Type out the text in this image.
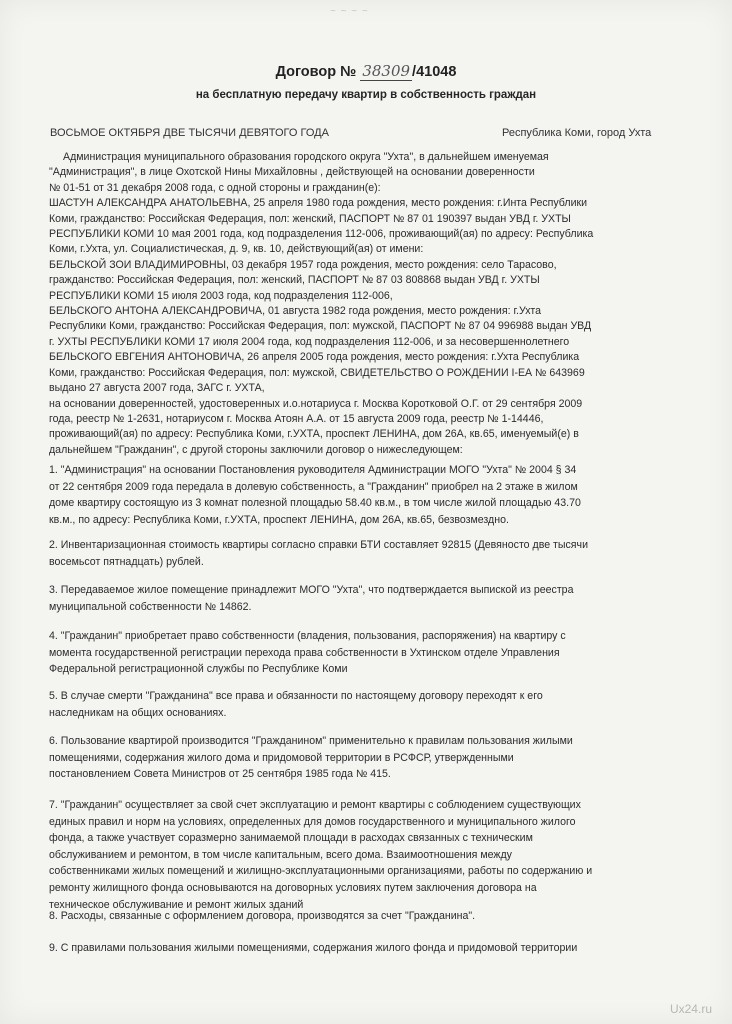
~ ~ ~ ~
Договор № 38309 /41048
на бесплатную передачу квартир в собственность граждан
ВОСЬМОЕ ОКТЯБРЯ ДВЕ ТЫСЯЧИ ДЕВЯТОГО ГОДА	Республика Коми, город Ухта
Администрация муниципального образования городского округа "Ухта", в дальнейшем именуемая
"Администрация", в лице Охотской Нины Михайловны , действующей на основании доверенности
№ 01-51 от 31 декабря 2008 года, с одной стороны и гражданин(е):
ШАСТУН АЛЕКСАНДРА АНАТОЛЬЕВНА, 25 апреля 1980 года рождения, место рождения: г.Инта Республики
Коми, гражданство: Российская Федерация, пол: женский, ПАСПОРТ № 87 01 190397 выдан УВД г. УХТЫ
РЕСПУБЛИКИ КОМИ 10 мая 2001 года, код подразделения 112-006, проживающий(ая) по адресу: Республика
Коми, г.Ухта, ул. Социалистическая, д. 9, кв. 10, действующий(ая) от имени:
БЕЛЬСКОЙ ЗОИ ВЛАДИМИРОВНЫ, 03 декабря 1957 года рождения, место рождения: село Тарасово,
гражданство: Российская Федерация, пол: женский, ПАСПОРТ № 87 03 808868 выдан УВД г. УХТЫ
РЕСПУБЛИКИ КОМИ 15 июля 2003 года, код подразделения 112-006,
БЕЛЬСКОГО АНТОНА АЛЕКСАНДРОВИЧА, 01 августа 1982 года рождения, место рождения: г.Ухта
Республики Коми, гражданство: Российская Федерация, пол: мужской, ПАСПОРТ № 87 04 996988 выдан УВД
г. УХТЫ РЕСПУБЛИКИ КОМИ 17 июля 2004 года, код подразделения 112-006, и за несовершеннолетнего
БЕЛЬСКОГО ЕВГЕНИЯ АНТОНОВИЧА, 26 апреля 2005 года рождения, место рождения: г.Ухта Республика
Коми, гражданство: Российская Федерация, пол: мужской, СВИДЕТЕЛЬСТВО О РОЖДЕНИИ I-ЕА № 643969
выдано 27 августа 2007 года, ЗАГС г. УХТА,
на основании доверенностей, удостоверенных и.о.нотариуса г. Москва Коротковой О.Г. от 29 сентября 2009
года, реестр № 1-2631, нотариусом г. Москва Атоян А.А. от 15 августа 2009 года, реестр № 1-14446,
проживающий(ая) по адресу: Республика Коми, г.УХТА, проспект ЛЕНИНА, дом 26А, кв.65, именуемый(е) в
дальнейшем "Гражданин", с другой стороны заключили договор о нижеследующем:
1. "Администрация" на основании Постановления руководителя Администрации МОГО "Ухта" № 2004 § 34
от 22 сентября 2009 года передала в долевую собственность, а "Гражданин" приобрел на 2 этаже в жилом
доме квартиру состоящую из 3 комнат полезной площадью 58.40 кв.м., в том числе жилой площадью 43.70
кв.м., по адресу: Республика Коми, г.УХТА, проспект ЛЕНИНА, дом 26А, кв.65, безвозмездно.
2. Инвентаризационная стоимость квартиры согласно справки БТИ составляет 92815 (Девяносто две тысячи
восемьсот пятнадцать) рублей.
3. Передаваемое жилое помещение принадлежит МОГО "Ухта", что подтверждается выпиской из реестра
муниципальной собственности № 14862.
4. "Гражданин" приобретает право собственности (владения, пользования, распоряжения) на квартиру с
момента государственной регистрации перехода права собственности в Ухтинском отделе Управления
Федеральной регистрационной службы по Республике Коми
5. В случае смерти "Гражданина" все права и обязанности по настоящему договору переходят к его
наследникам на общих основаниях.
6. Пользование квартирой производится "Гражданином" применительно к правилам пользования жилыми
помещениями, содержания жилого дома и придомовой территории в РСФСР, утвержденными
постановлением Совета Министров от 25 сентября 1985 года № 415.
7. "Гражданин" осуществляет за свой счет эксплуатацию и ремонт квартиры с соблюдением существующих
единых правил и норм на условиях, определенных для домов государственного и муниципального жилого
фонда, а также участвует соразмерно занимаемой площади в расходах связанных с техническим
обслуживанием и ремонтом, в том числе капитальным, всего дома. Взаимоотношения между
собственниками жилых помещений и жилищно-эксплуатационными организациями, работы по содержанию и
ремонту жилищного фонда основываются на договорных условиях путем заключения договора на
техническое обслуживание и ремонт жилых зданий
8. Расходы, связанные с оформлением договора, производятся за счет "Гражданина".
9. С правилами пользования жилыми помещениями, содержания жилого фонда и придомовой территории
Ux24.ru
